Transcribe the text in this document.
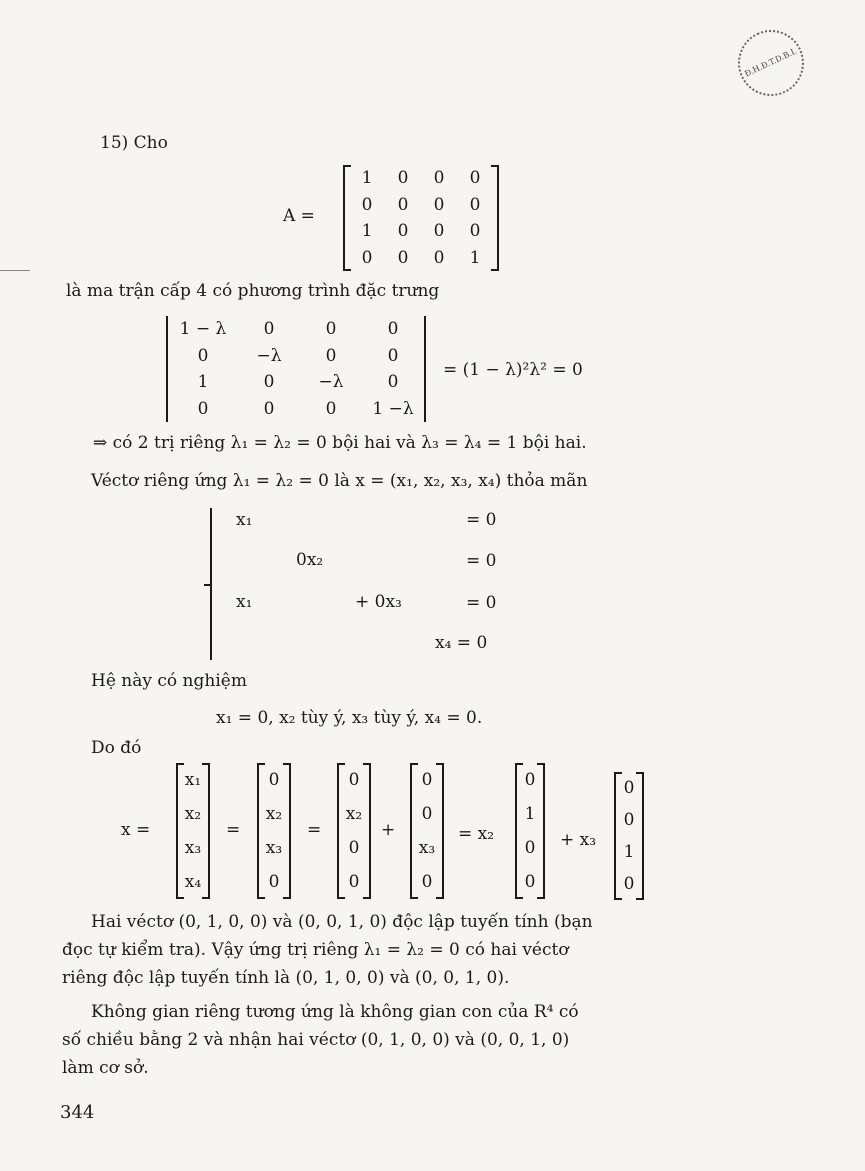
Đ.H.Đ.T.D.B.I.
15) Cho
A =
1	0	0	0
0	0	0	0
1	0	0	0
0	0	0	1
là ma trận cấp 4 có phương trình đặc trưng
1 − λ	0	0	0
0	−λ	0	0
1	0	−λ	0
0	0	0	1 −λ
= (1 − λ)²λ² = 0
⇒ có 2 trị riêng λ₁ = λ₂ = 0 bội hai và λ₃ = λ₄ = 1 bội hai.
Véctơ riêng ứng λ₁ = λ₂ = 0 là x = (x₁, x₂, x₃, x₄) thỏa mãn
x₁	= 0
0x₂	= 0
x₁	+ 0x₃	= 0
x₄ = 0
Hệ này có nghiệm
x₁ = 0, x₂ tùy ý, x₃ tùy ý, x₄ = 0.
Do đó
x =
x₁
x₂
x₃
x₄
=
0
x₂
x₃
0
=
0
x₂
0
0
+
0
0
x₃
0
= x₂
0
1
0
0
+ x₃
0
0
1
0
Hai véctơ (0, 1, 0, 0) và (0, 0, 1, 0) độc lập tuyến tính (bạn
đọc tự kiểm tra). Vậy ứng trị riêng λ₁ = λ₂ = 0 có hai véctơ
riêng độc lập tuyến tính là (0, 1, 0, 0) và (0, 0, 1, 0).
Không gian riêng tương ứng là không gian con của R⁴ có
số chiều bằng 2 và nhận hai véctơ (0, 1, 0, 0) và (0, 0, 1, 0)
làm cơ sở.
344
